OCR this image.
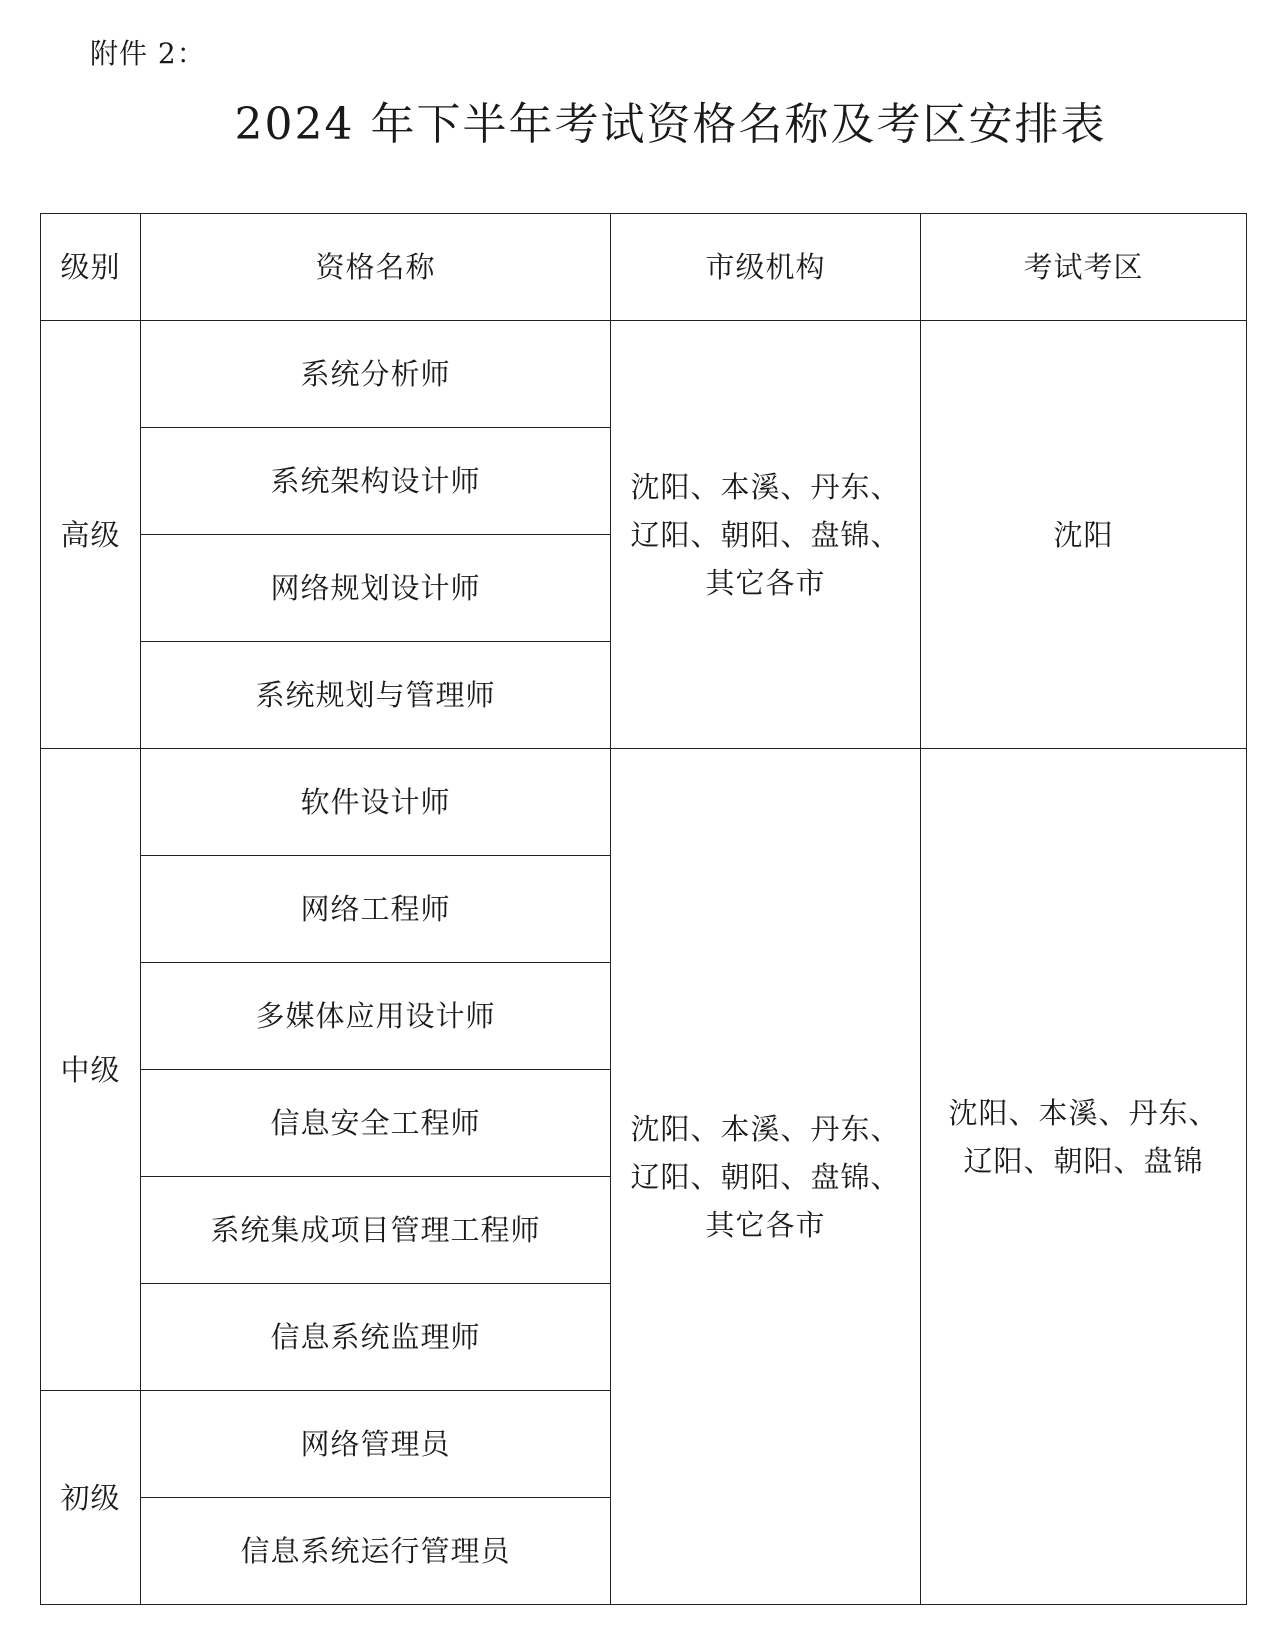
附件 2：
2024 年下半年考试资格名称及考区安排表
级别	资格名称	市级机构	考试考区
高级	系统分析师	沈阳、本溪、丹东、
辽阳、朝阳、盘锦、
其它各市	沈阳
	系统架构设计师		
	网络规划设计师		
	系统规划与管理师		
中级	软件设计师	沈阳、本溪、丹东、
辽阳、朝阳、盘锦、
其它各市	沈阳、本溪、丹东、
辽阳、朝阳、盘锦
	网络工程师		
	多媒体应用设计师		
	信息安全工程师		
	系统集成项目管理工程师		
	信息系统监理师		
初级	网络管理员		
	信息系统运行管理员		
